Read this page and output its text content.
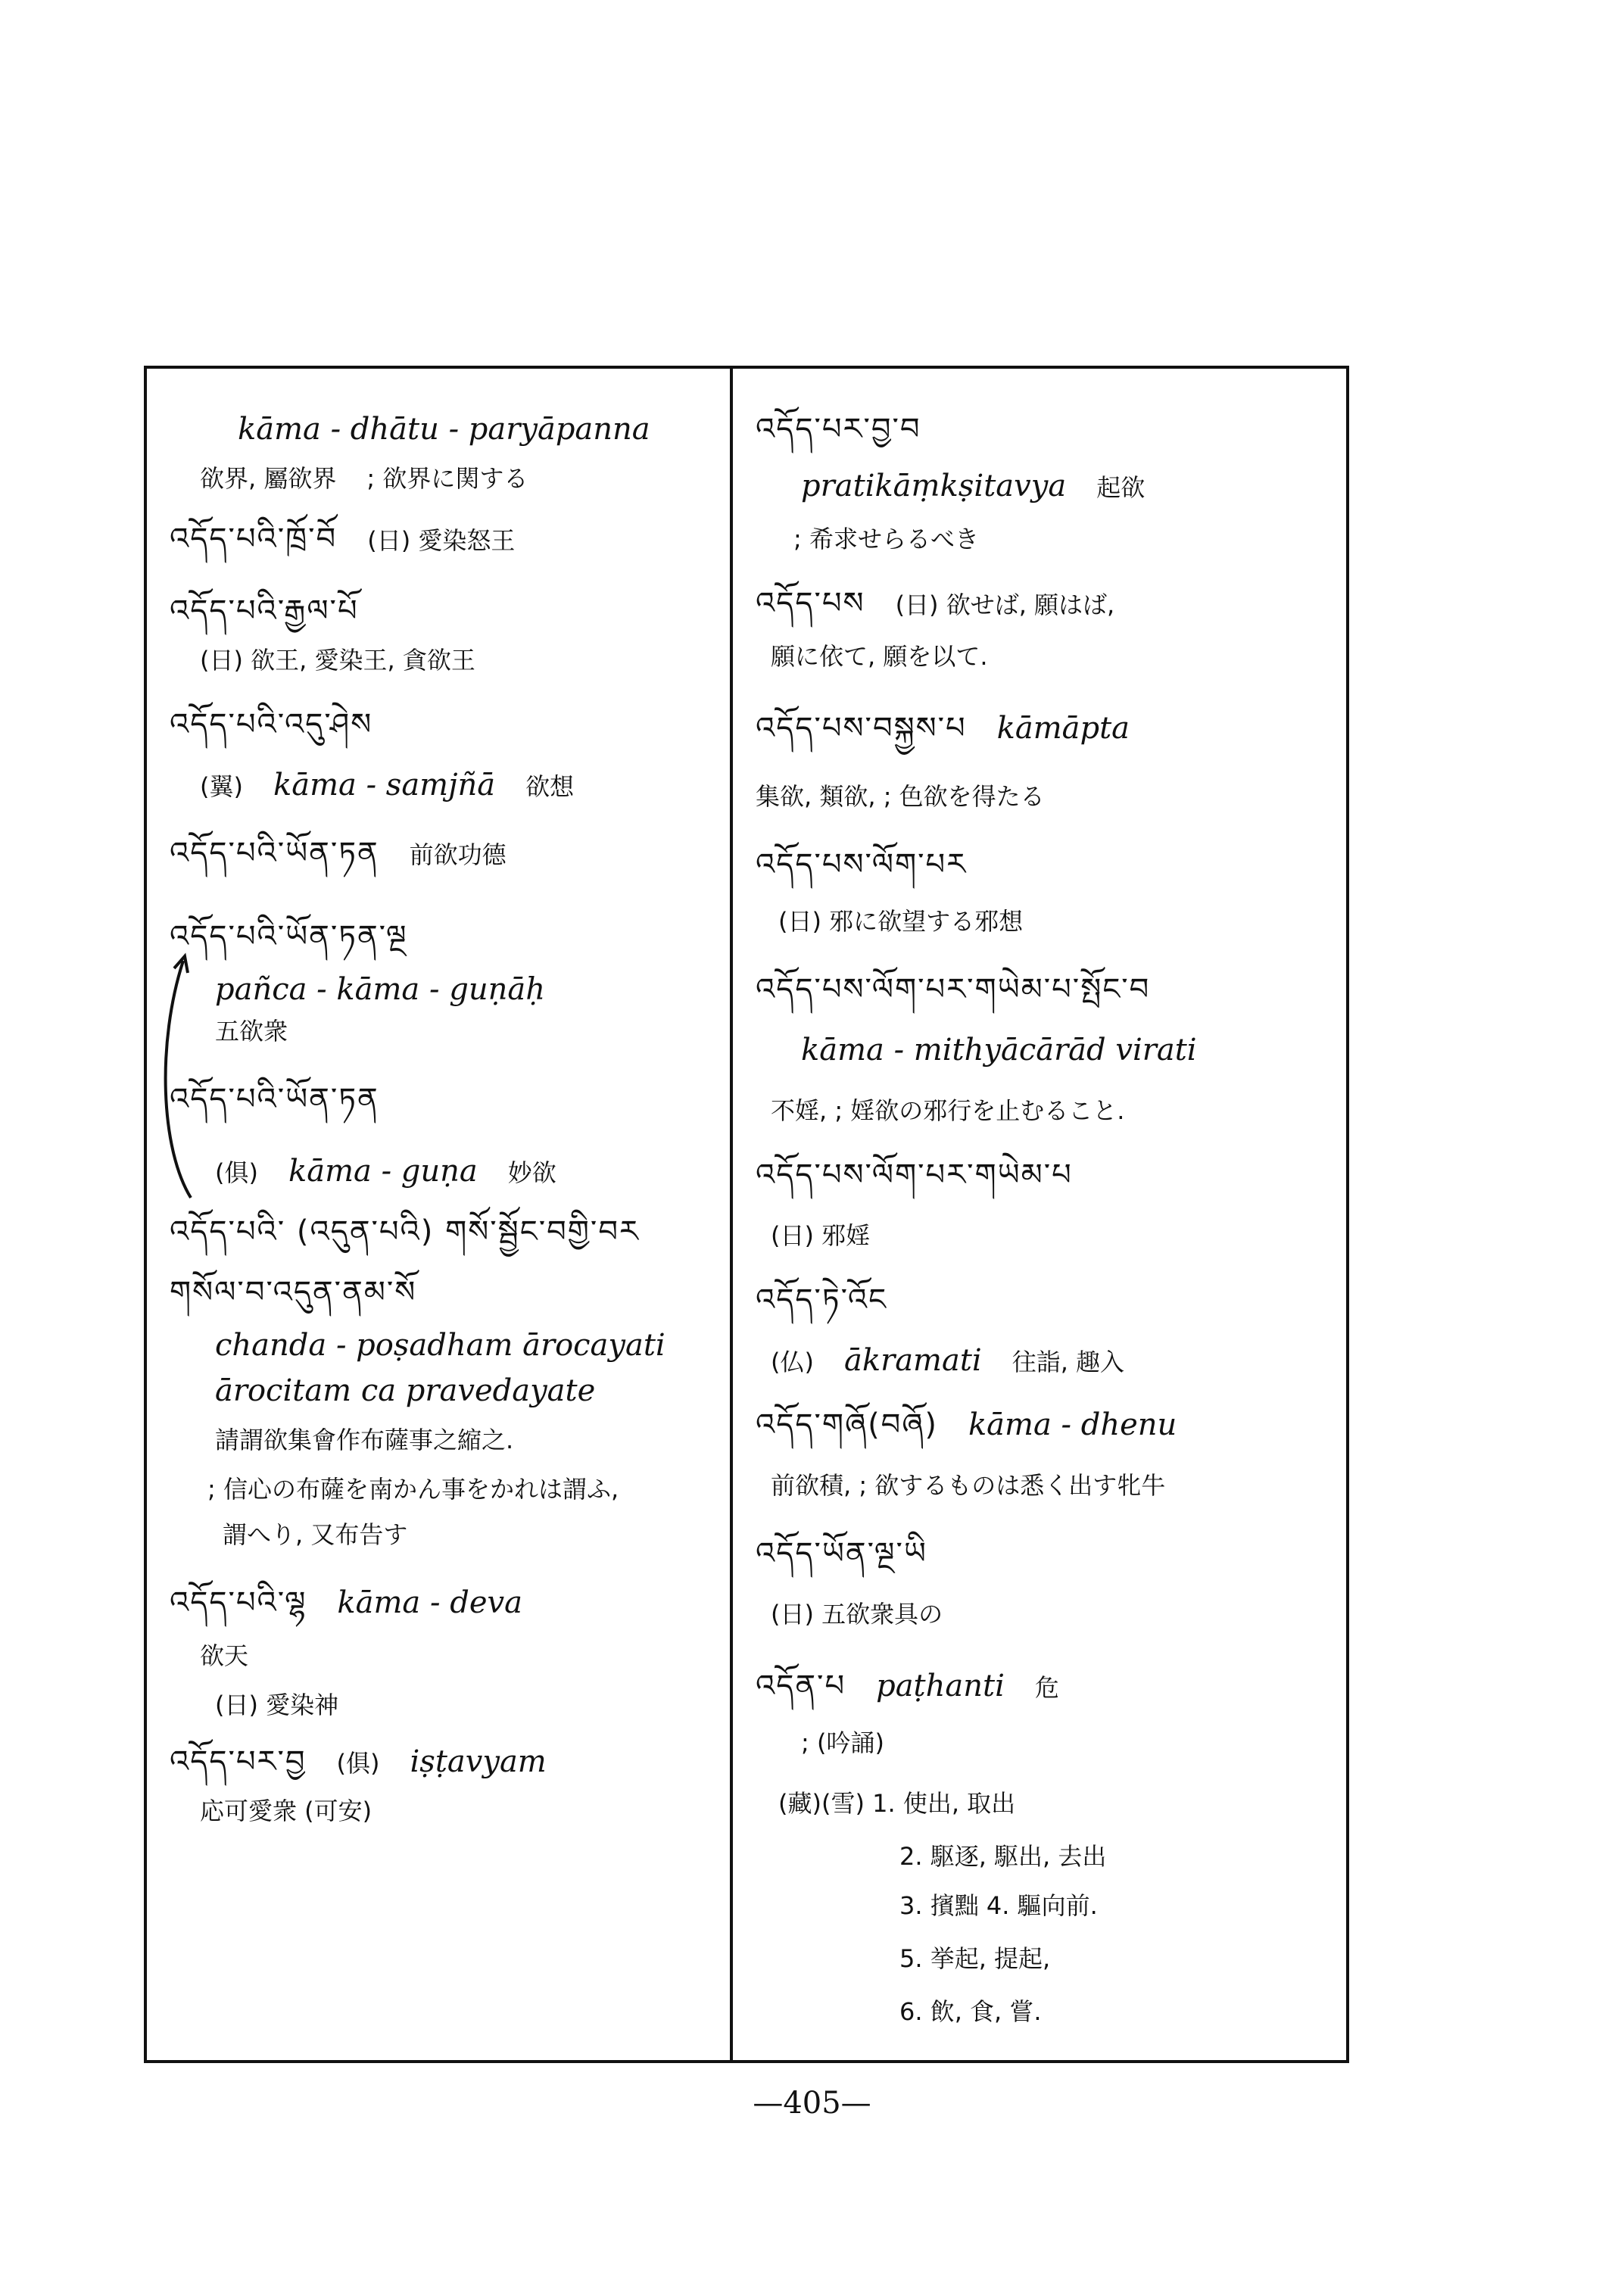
kāma - dhātu - paryāpanna
欲界, 屬欲界 ; 欲界に関する
འདོད་པའི་ཁྲོ་བོ (日) 愛染怒王
འདོད་པའི་རྒྱལ་པོ
(日) 欲王, 愛染王, 貪欲王
འདོད་པའི་འདུ་ཤེས
(翼) kāma - samjñā 欲想
འདོད་པའི་ཡོན་ཏན 前欲功德
འདོད་པའི་ཡོན་ཏན་ལྔ
pañca - kāma - guṇāḥ
五欲衆
འདོད་པའི་ཡོན་ཏན
(俱) kāma - guṇa 妙欲
འདོད་པའི་ (འདུན་པའི) གསོ་སྦྱོང་བགྱི་བར
གསོལ་བ་འདུན་ནམ་སོ
chanda - poṣadham ārocayati
ārocitam ca pravedayate
請謂欲集會作布薩事之縮之.
; 信心の布薩を南かん事をかれは謂ふ,
謂へり, 又布告す
འདོད་པའི་ལྷ kāma - deva
欲天
(日) 愛染神
འདོད་པར་བྱ (俱) iṣṭavyam
応可愛衆 (可安)
འདོད་པར་བྱ་བ
pratikāṃkṣitavya 起欲
; 希求せらるべき
འདོད་པས (日) 欲せば, 願はば,
願に依て, 願を以て.
འདོད་པས་བསྐྱས་པ kāmāpta
集欲, 類欲, ; 色欲を得たる
འདོད་པས་ལོག་པར
(日) 邪に欲望する邪想
འདོད་པས་ལོག་པར་གཡེམ་པ་སྤོང་བ
kāma - mithyācārād virati
不婬, ; 婬欲の邪行を止むること.
འདོད་པས་ལོག་པར་གཡེམ་པ
(日) 邪婬
འདོད་ཏེ་འོང
(仏) ākramati 往詣, 趣入
འདོད་གཞོ(བཞོ) kāma - dhenu
前欲積, ; 欲するものは悉く出す牝牛
འདོད་ཡོན་ལྔ་ཡི
(日) 五欲衆具の
འདོན་པ paṭhanti 危
; (吟誦)
(藏)(雪) 1. 使出, 取出
2. 駆逐, 駆出, 去出
3. 擯黜 4. 驅向前.
5. 挙起, 提起,
6. 飲, 食, 嘗.
—405—
